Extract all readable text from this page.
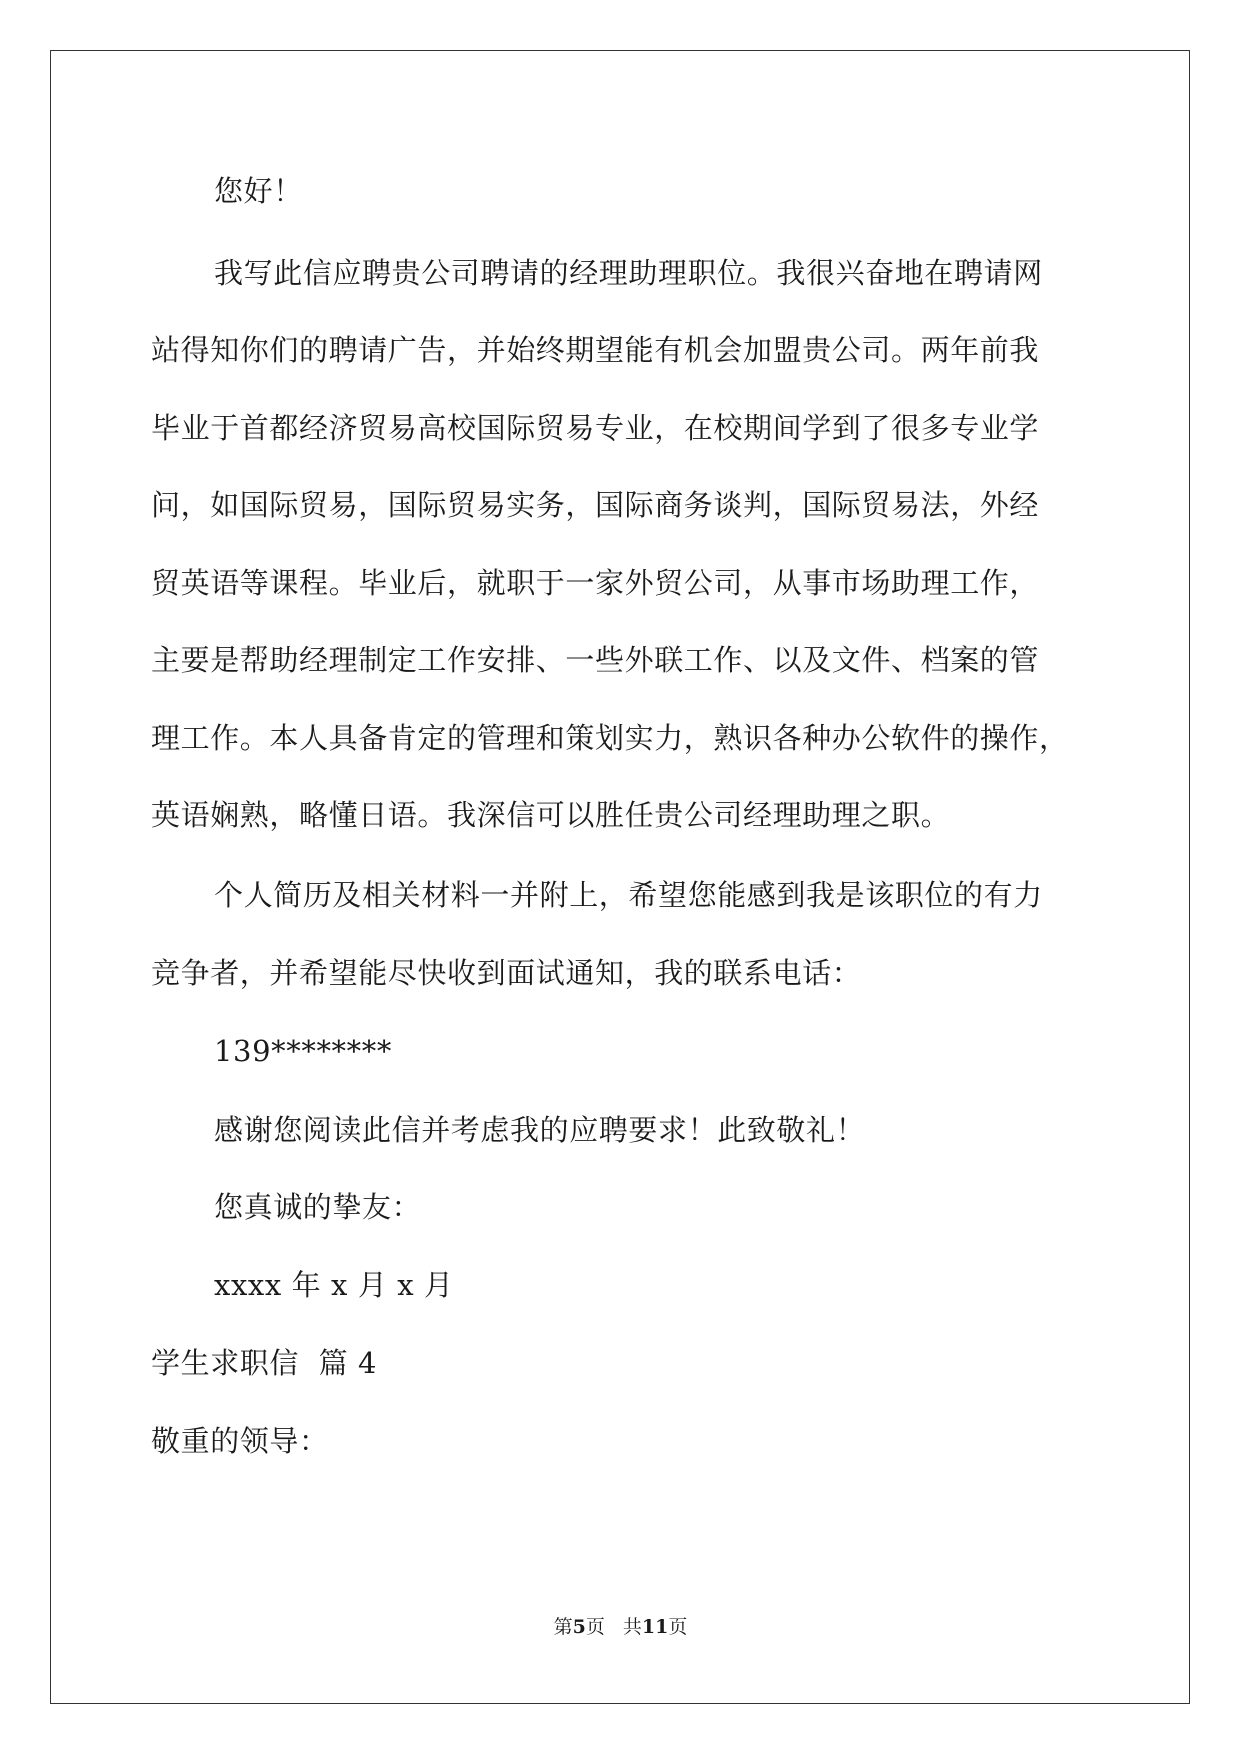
您好！
我写此信应聘贵公司聘请的经理助理职位。我很兴奋地在聘请网
站得知你们的聘请广告，并始终期望能有机会加盟贵公司。两年前我
毕业于首都经济贸易高校国际贸易专业，在校期间学到了很多专业学
问，如国际贸易，国际贸易实务，国际商务谈判，国际贸易法，外经
贸英语等课程。毕业后，就职于一家外贸公司，从事市场助理工作，
主要是帮助经理制定工作安排、一些外联工作、以及文件、档案的管
理工作。本人具备肯定的管理和策划实力，熟识各种办公软件的操作，
英语娴熟，略懂日语。我深信可以胜任贵公司经理助理之职。
个人简历及相关材料一并附上，希望您能感到我是该职位的有力
竞争者，并希望能尽快收到面试通知，我的联系电话：
139********
感谢您阅读此信并考虑我的应聘要求！此致敬礼！
您真诚的挚友：
xxxx 年 x 月 x 月
学生求职信  篇 4
敬重的领导：
第5页 共11页
